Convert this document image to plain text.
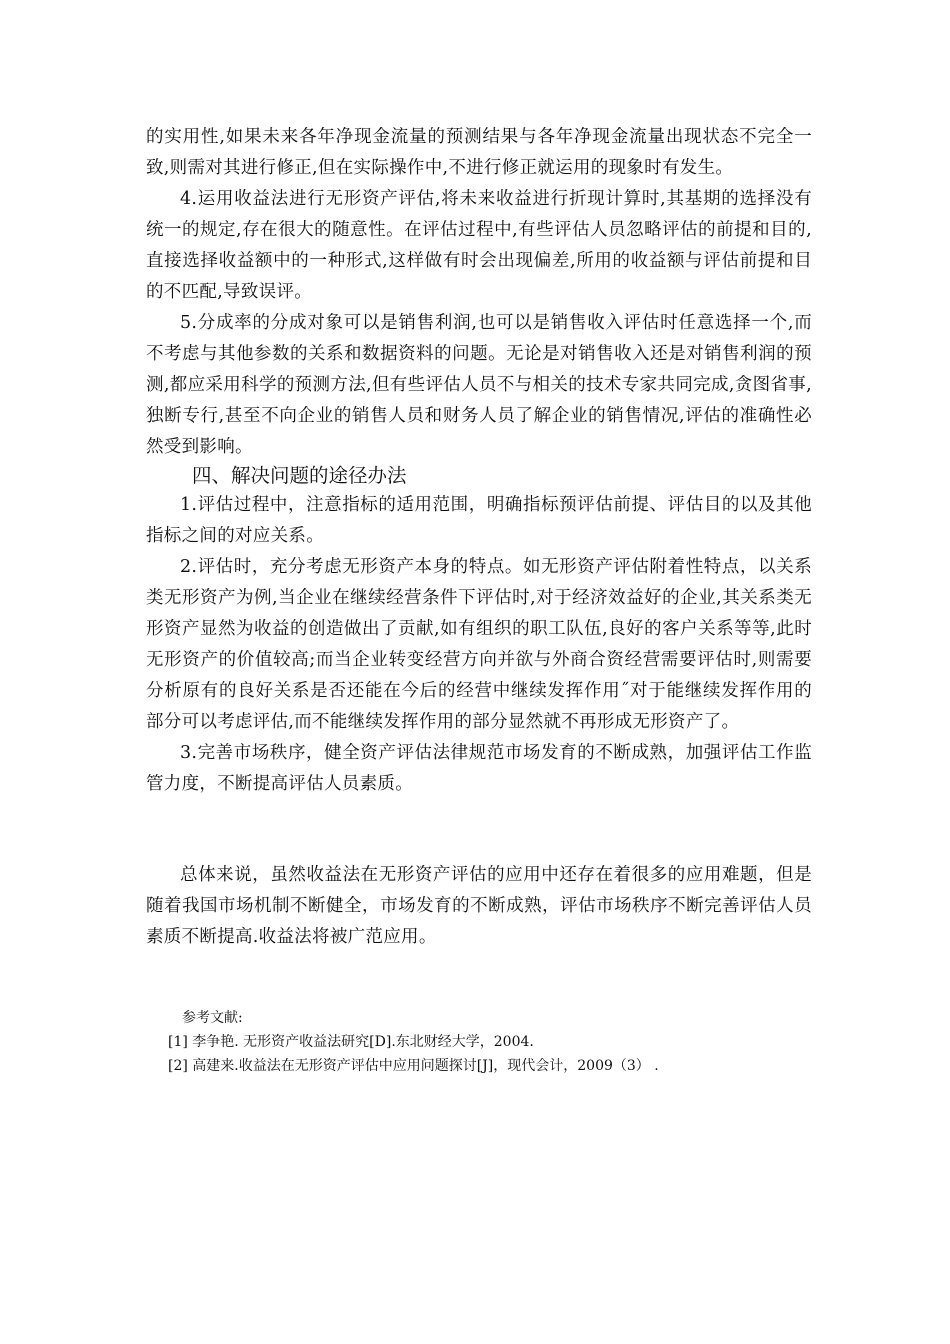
的实用性,如果未来各年净现金流量的预测结果与各年净现金流量出现状态不完全一致,则需对其进行修正,但在实际操作中,不进行修正就运用的现象时有发生。

4.运用收益法进行无形资产评估,将未来收益进行折现计算时,其基期的选择没有统一的规定,存在很大的随意性。在评估过程中,有些评估人员忽略评估的前提和目的,直接选择收益额中的一种形式,这样做有时会出现偏差,所用的收益额与评估前提和目的不匹配,导致误评。

5.分成率的分成对象可以是销售利润,也可以是销售收入评估时任意选择一个,而不考虑与其他参数的关系和数据资料的问题。无论是对销售收入还是对销售利润的预测,都应采用科学的预测方法,但有些评估人员不与相关的技术专家共同完成,贪图省事,独断专行,甚至不向企业的销售人员和财务人员了解企业的销售情况,评估的准确性必然受到影响。

四、解决问题的途径办法

1.评估过程中，注意指标的适用范围，明确指标预评估前提、评估目的以及其他指标之间的对应关系。

2.评估时，充分考虑无形资产本身的特点。如无形资产评估附着性特点，以关系类无形资产为例,当企业在继续经营条件下评估时,对于经济效益好的企业,其关系类无形资产显然为收益的创造做出了贡献,如有组织的职工队伍,良好的客户关系等等,此时无形资产的价值较高;而当企业转变经营方向并欲与外商合资经营需要评估时,则需要分析原有的良好关系是否还能在今后的经营中继续发挥作用˝对于能继续发挥作用的部分可以考虑评估,而不能继续发挥作用的部分显然就不再形成无形资产了。

3.完善市场秩序，健全资产评估法律规范市场发育的不断成熟，加强评估工作监管力度，不断提高评估人员素质。

总体来说，虽然收益法在无形资产评估的应用中还存在着很多的应用难题，但是随着我国市场机制不断健全，市场发育的不断成熟，评估市场秩序不断完善评估人员素质不断提高.收益法将被广范应用。

参考文献:

[1] 李争艳. 无形资产收益法研究[D].东北财经大学，2004.

[2] 高建来.收益法在无形资产评估中应用问题探讨[J]，现代会计，2009（3） .
